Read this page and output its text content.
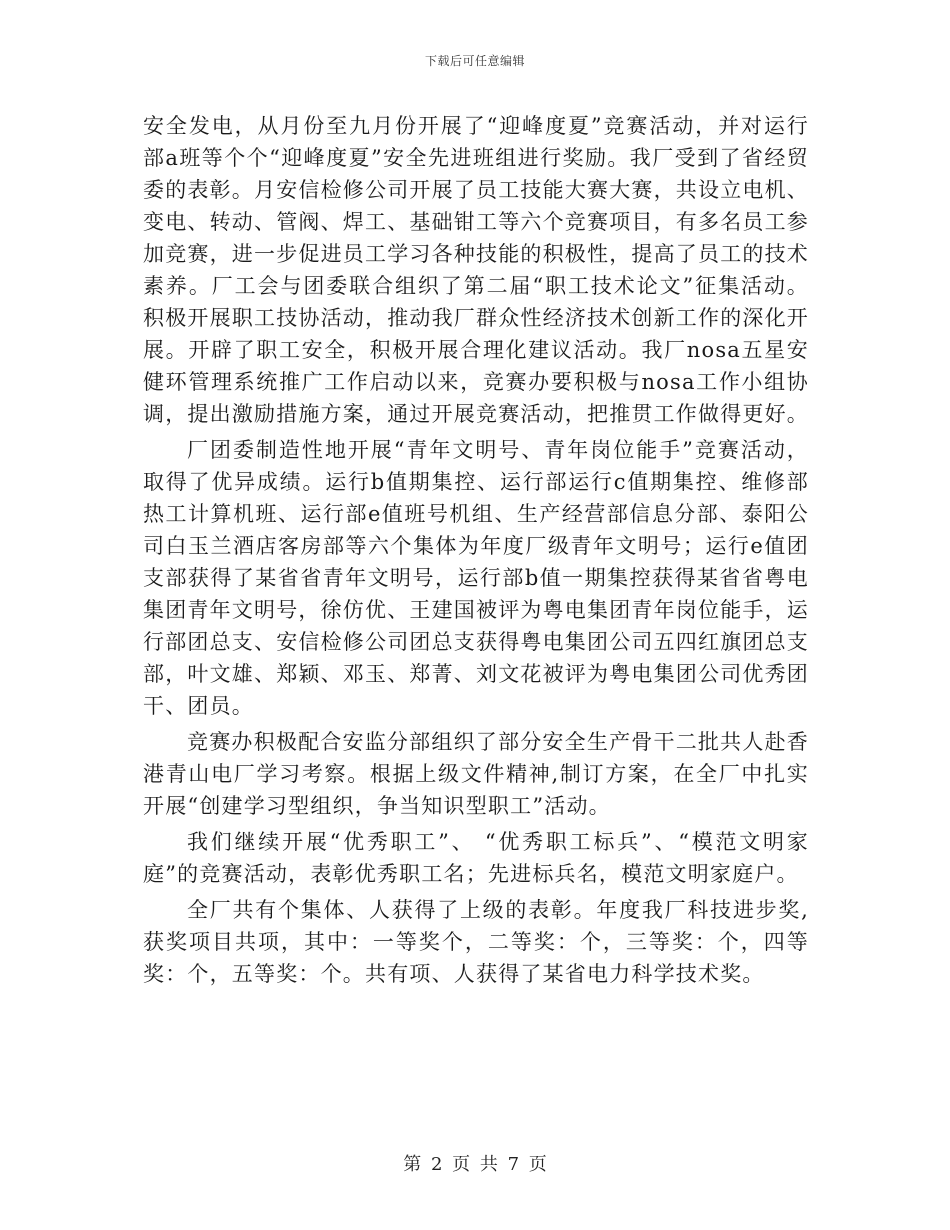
下载后可任意编辑

安全发电，从月份至九月份开展了“迎峰度夏”竞赛活动，并对运行部a班等个个“迎峰度夏”安全先进班组进行奖励。我厂受到了省经贸委的表彰。月安信检修公司开展了员工技能大赛大赛，共设立电机、变电、转动、管阀、焊工、基础钳工等六个竞赛项目，有多名员工参加竞赛，进一步促进员工学习各种技能的积极性，提高了员工的技术素养。厂工会与团委联合组织了第二届“职工技术论文”征集活动。积极开展职工技协活动，推动我厂群众性经济技术创新工作的深化开展。开辟了职工安全，积极开展合理化建议活动。我厂nosa五星安健环管理系统推广工作启动以来，竞赛办要积极与nosa工作小组协调，提出激励措施方案，通过开展竞赛活动，把推贯工作做得更好。

厂团委制造性地开展“青年文明号、青年岗位能手”竞赛活动，取得了优异成绩。运行b值期集控、运行部运行c值期集控、维修部热工计算机班、运行部e值班号机组、生产经营部信息分部、泰阳公司白玉兰酒店客房部等六个集体为年度厂级青年文明号；运行e值团支部获得了某省省青年文明号，运行部b值一期集控获得某省省粤电集团青年文明号，徐仿优、王建国被评为粤电集团青年岗位能手，运行部团总支、安信检修公司团总支获得粤电集团公司五四红旗团总支部，叶文雄、郑颖、邓玉、郑菁、刘文花被评为粤电集团公司优秀团干、团员。

竞赛办积极配合安监分部组织了部分安全生产骨干二批共人赴香港青山电厂学习考察。根据上级文件精神,制订方案，在全厂中扎实开展“创建学习型组织，争当知识型职工”活动。

我们继续开展“优秀职工”、 “优秀职工标兵”、“模范文明家庭”的竞赛活动，表彰优秀职工名；先进标兵名，模范文明家庭户。

全厂共有个集体、人获得了上级的表彰。年度我厂科技进步奖,获奖项目共项，其中：一等奖个，二等奖：个，三等奖：个，四等奖：个，五等奖：个。共有项、人获得了某省电力科学技术奖。

第 2 页 共 7 页
